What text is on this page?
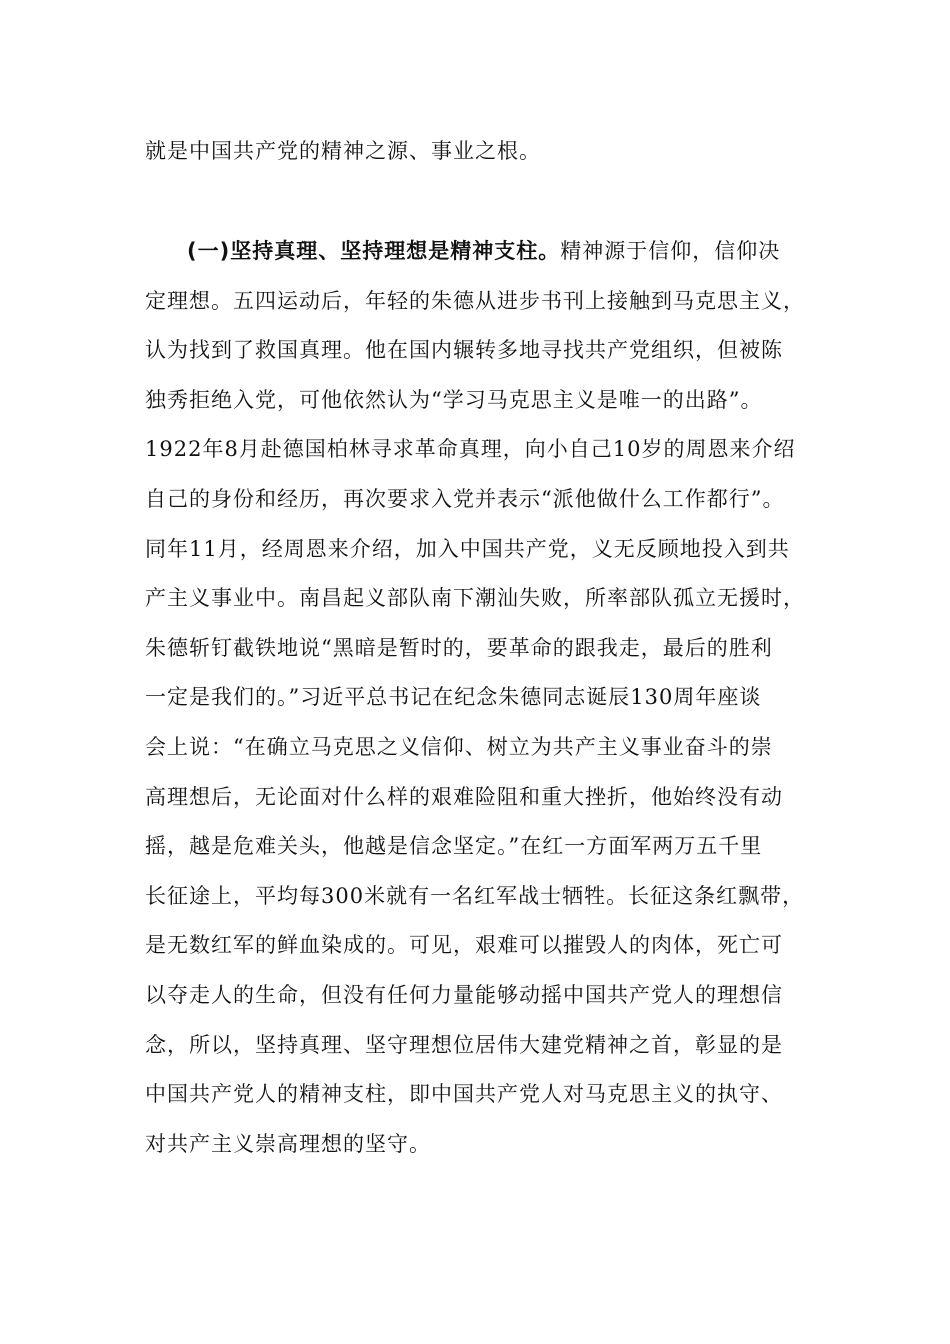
就是中国共产党的精神之源、事业之根。
(一)坚持真理、坚持理想是精神支柱。精神源于信仰，信仰决
定理想。五四运动后，年轻的朱德从进步书刊上接触到马克思主义，
认为找到了救国真理。他在国内辗转多地寻找共产党组织，但被陈
独秀拒绝入党，可他依然认为“学习马克思主义是唯一的出路”。
1922年8月赴德国柏林寻求革命真理，向小自己10岁的周恩来介绍
自己的身份和经历，再次要求入党并表示“派他做什么工作都行”。
同年11月，经周恩来介绍，加入中国共产党，义无反顾地投入到共
产主义事业中。南昌起义部队南下潮汕失败，所率部队孤立无援时，
朱德斩钉截铁地说“黑暗是暂时的，要革命的跟我走，最后的胜利
一定是我们的。”习近平总书记在纪念朱德同志诞辰130周年座谈
会上说：“在确立马克思之义信仰、树立为共产主义事业奋斗的崇
高理想后，无论面对什么样的艰难险阻和重大挫折，他始终没有动
摇，越是危难关头，他越是信念坚定。”在红一方面军两万五千里
长征途上，平均每300米就有一名红军战士牺牲。长征这条红飘带，
是无数红军的鲜血染成的。可见，艰难可以摧毁人的肉体，死亡可
以夺走人的生命，但没有任何力量能够动摇中国共产党人的理想信
念，所以，坚持真理、坚守理想位居伟大建党精神之首，彰显的是
中国共产党人的精神支柱，即中国共产党人对马克思主义的执守、
对共产主义崇高理想的坚守。
